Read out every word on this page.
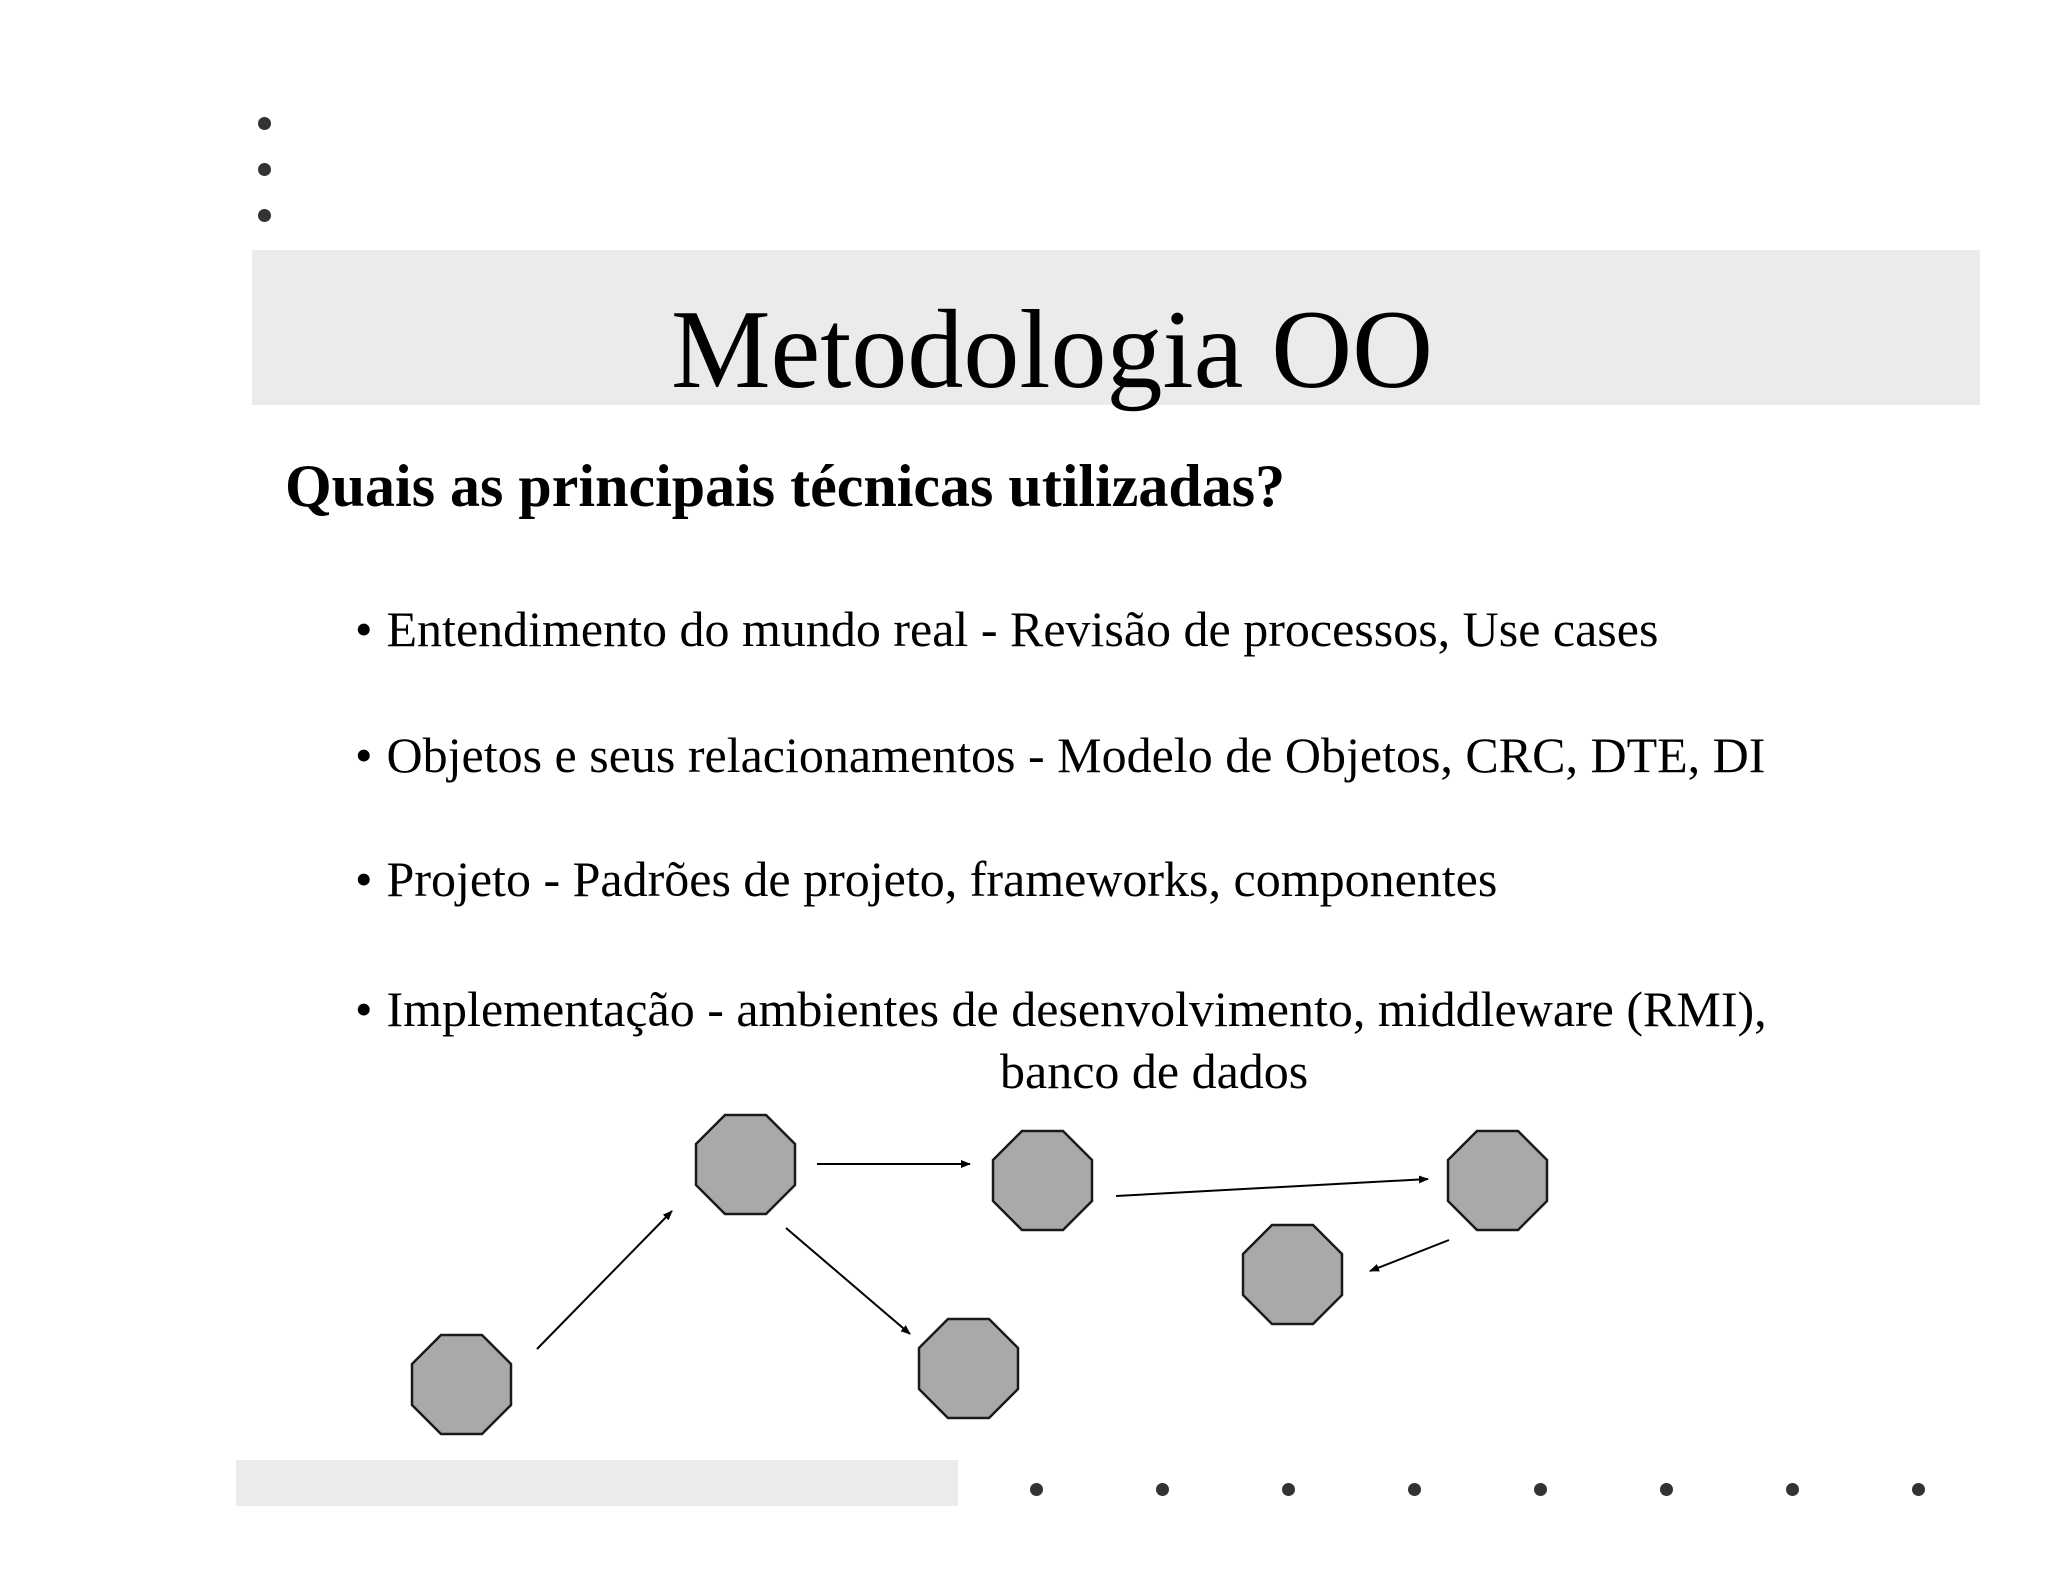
Metodologia OO
Quais as principais técnicas utilizadas?
• Entendimento do mundo real - Revisão de processos, Use cases
• Objetos e seus relacionamentos - Modelo de Objetos, CRC, DTE, DI
• Projeto - Padrões de projeto, frameworks, componentes
• Implementação - ambientes de desenvolvimento, middleware (RMI),
banco de dados
